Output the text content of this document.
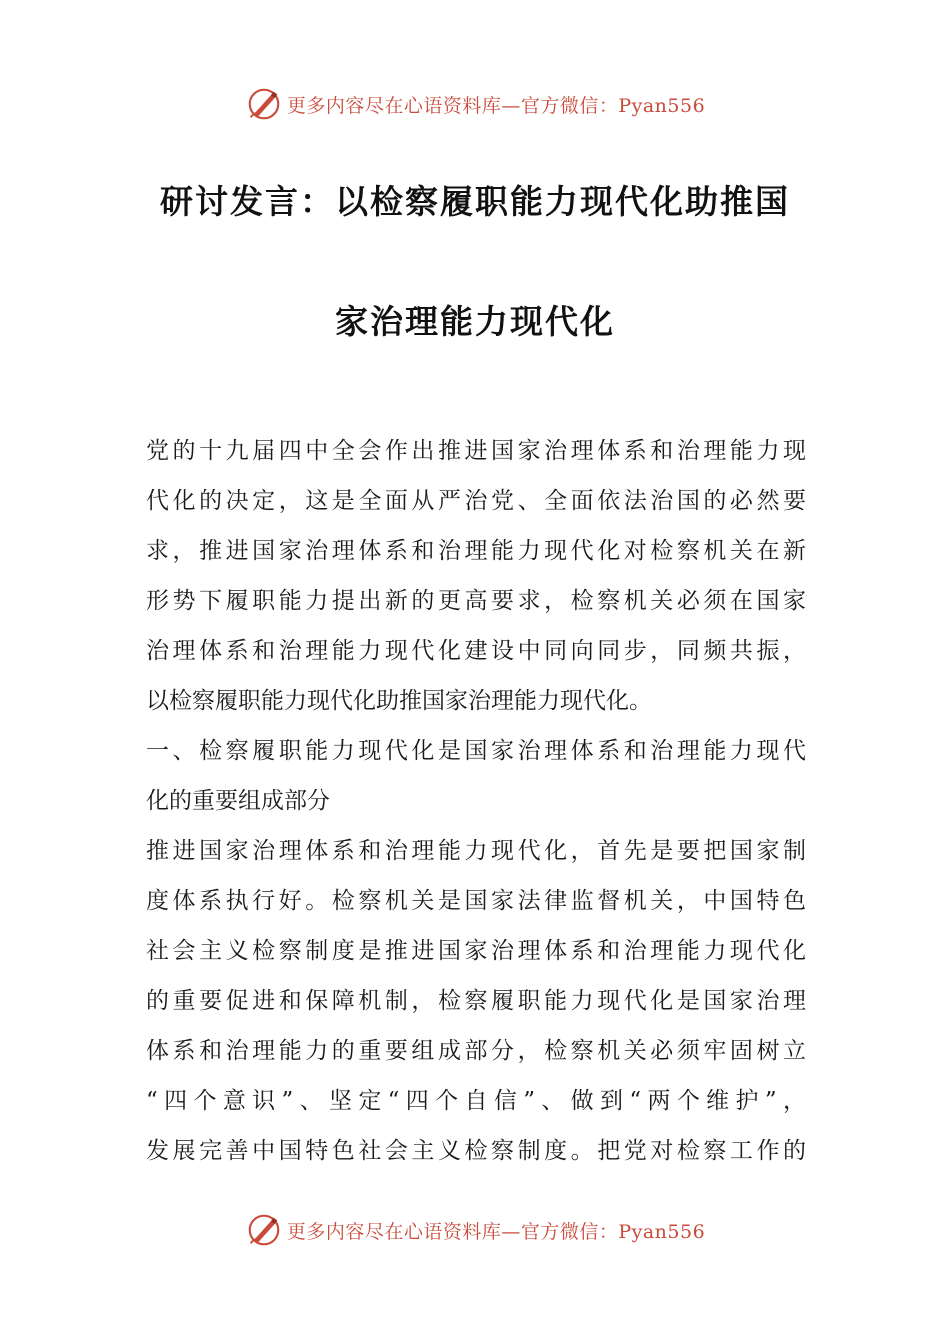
更多内容尽在心语资料库—官方微信：Pyan556
研讨发言：以检察履职能力现代化助推国
家治理能力现代化
党的十九届四中全会作出推进国家治理体系和治理能力现
代化的决定，这是全面从严治党、全面依法治国的必然要
求，推进国家治理体系和治理能力现代化对检察机关在新
形势下履职能力提出新的更高要求，检察机关必须在国家
治理体系和治理能力现代化建设中同向同步，同频共振，
以检察履职能力现代化助推国家治理能力现代化。
一、检察履职能力现代化是国家治理体系和治理能力现代
化的重要组成部分
推进国家治理体系和治理能力现代化，首先是要把国家制
度体系执行好。检察机关是国家法律监督机关，中国特色
社会主义检察制度是推进国家治理体系和治理能力现代化
的重要促进和保障机制，检察履职能力现代化是国家治理
体系和治理能力的重要组成部分，检察机关必须牢固树立
“四个意识”、坚定“四个自信”、做到“两个维护”，
发展完善中国特色社会主义检察制度。把党对检察工作的
更多内容尽在心语资料库—官方微信：Pyan556
